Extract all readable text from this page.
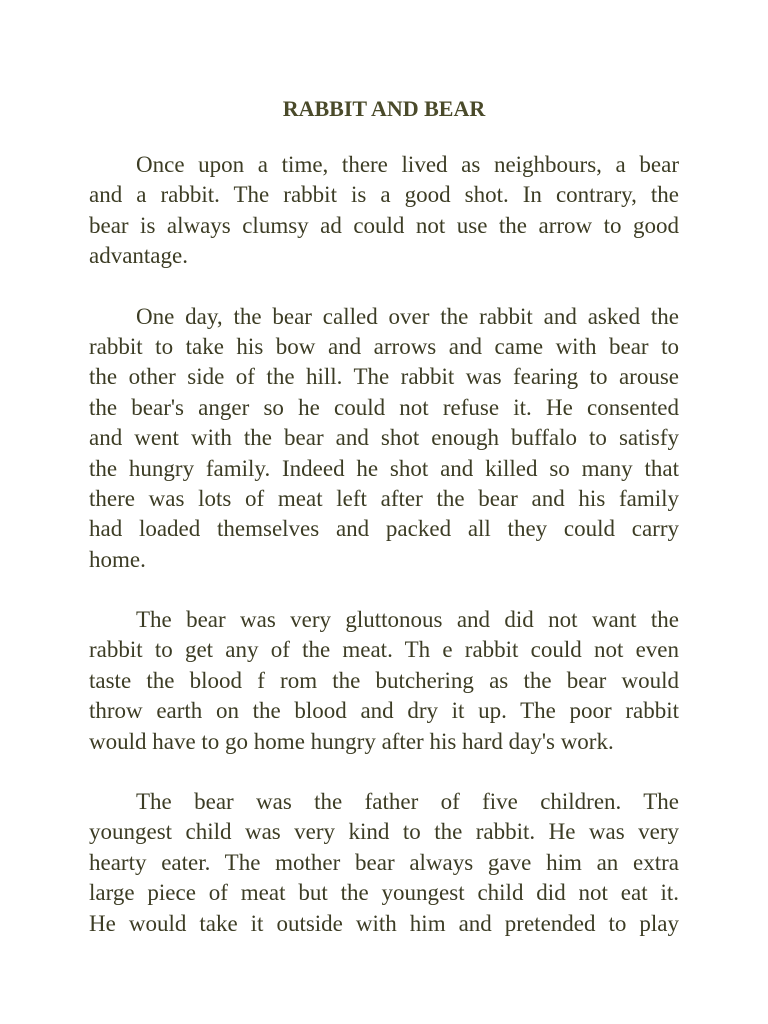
RABBIT AND BEAR
Once upon a time, there lived as neighbours, a bear
and a rabbit. The rabbit is a good shot. In contrary, the
bear is always clumsy ad could not use the arrow to good
advantage.
One day, the bear called over the rabbit and asked the
rabbit to take his bow and arrows and came with bear to
the other side of the hill. The rabbit was fearing to arouse
the bear's anger so he could not refuse it. He consented
and went with the bear and shot enough buffalo to satisfy
the hungry family. Indeed he shot and killed so many that
there was lots of meat left after the bear and his family
had loaded themselves and packed all they could carry
home.
The bear was very gluttonous and did not want the
rabbit to get any of the meat. Th e rabbit could not even
taste the blood f rom the butchering as the bear would
throw earth on the blood and dry it up. The poor rabbit
would have to go home hungry after his hard day's work.
The bear was the father of five children. The
youngest child was very kind to the rabbit. He was very
hearty eater. The mother bear always gave him an extra
large piece of meat but the youngest child did not eat it.
He would take it outside with him and pretended to play
